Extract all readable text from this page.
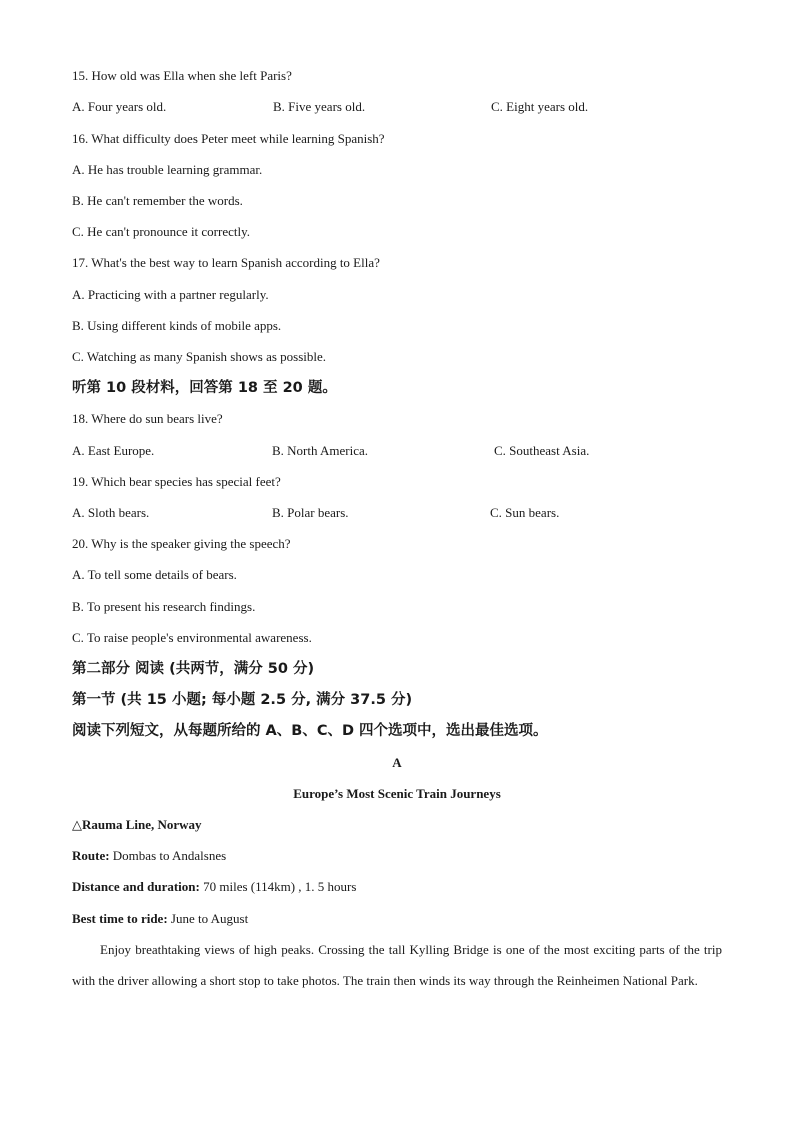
15. How old was Ella when she left Paris?
A. Four years old.	B. Five years old.	C. Eight years old.
16. What difficulty does Peter meet while learning Spanish?
A. He has trouble learning grammar.
B. He can't remember the words.
C. He can't pronounce it correctly.
17. What's the best way to learn Spanish according to Ella?
A. Practicing with a partner regularly.
B. Using different kinds of mobile apps.
C. Watching as many Spanish shows as possible.
听第 10 段材料，回答第 18 至 20 题。
18. Where do sun bears live?
A. East Europe.	B. North America.	C. Southeast Asia.
19. Which bear species has special feet?
A. Sloth bears.	B. Polar bears.	C. Sun bears.
20. Why is the speaker giving the speech?
A. To tell some details of bears.
B. To present his research findings.
C. To raise people's environmental awareness.
第二部分 阅读 (共两节，满分 50 分)
第一节 (共 15 小题; 每小题 2.5 分, 满分 37.5 分)
阅读下列短文，从每题所给的 A、B、C、D 四个选项中，选出最佳选项。
A
Europe’s Most Scenic Train Journeys
△Rauma Line, Norway
Route: Dombas to Andalsnes
Distance and duration: 70 miles (114km) , 1. 5 hours
Best time to ride: June to August
Enjoy breathtaking views of high peaks. Crossing the tall Kylling Bridge is one of the most exciting parts of the trip with the driver allowing a short stop to take photos. The train then winds its way through the Reinheimen National Park.
